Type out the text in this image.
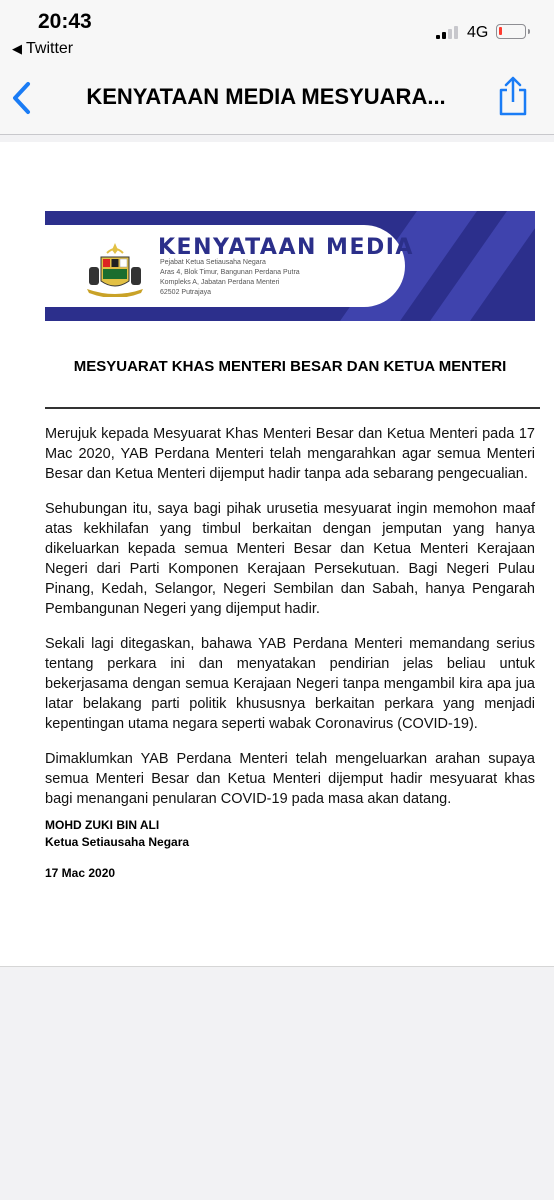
20:43
◀ Twitter
4G
KENYATAAN MEDIA MESYUARA...
KENYATAAN MEDIA
Pejabat Ketua Setiausaha Negara
Aras 4, Blok Timur, Bangunan Perdana Putra
Kompleks A, Jabatan Perdana Menteri
62502 Putrajaya
MESYUARAT KHAS MENTERI BESAR DAN KETUA MENTERI

Merujuk kepada Mesyuarat Khas Menteri Besar dan Ketua Menteri pada 17 Mac 2020, YAB Perdana Menteri telah mengarahkan agar semua Menteri Besar dan Ketua Menteri dijemput hadir tanpa ada sebarang pengecualian.

Sehubungan itu, saya bagi pihak urusetia mesyuarat ingin memohon maaf atas kekhilafan yang timbul berkaitan dengan jemputan yang hanya dikeluarkan kepada semua Menteri Besar dan Ketua Menteri Kerajaan Negeri dari Parti Komponen Kerajaan Persekutuan. Bagi Negeri Pulau Pinang, Kedah, Selangor, Negeri Sembilan dan Sabah, hanya Pengarah Pembangunan Negeri yang dijemput hadir.

Sekali lagi ditegaskan, bahawa YAB Perdana Menteri memandang serius tentang perkara ini dan menyatakan pendirian jelas beliau untuk bekerjasama dengan semua Kerajaan Negeri tanpa mengambil kira apa jua latar belakang parti politik khususnya berkaitan perkara yang menjadi kepentingan utama negara seperti wabak Coronavirus (COVID-19).

Dimaklumkan YAB Perdana Menteri telah mengeluarkan arahan supaya semua Menteri Besar dan Ketua Menteri dijemput hadir mesyuarat khas bagi menangani penularan COVID-19 pada masa akan datang.

MOHD ZUKI BIN ALI
Ketua Setiausaha Negara
17 Mac 2020
